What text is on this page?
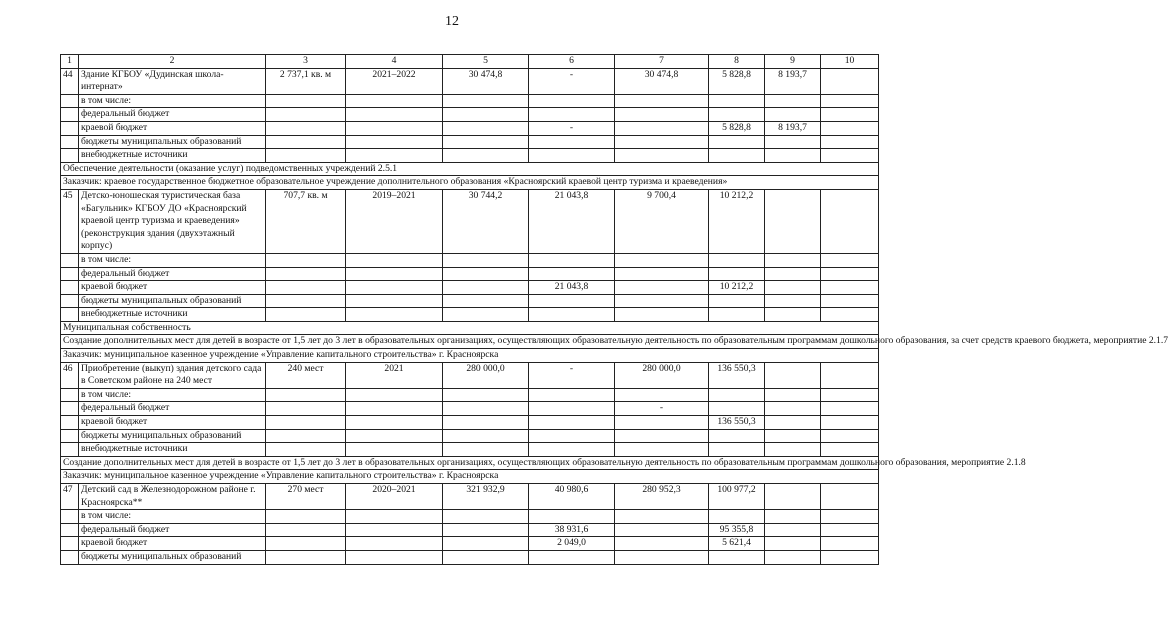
12
1	2	3	4	5	6	7	8	9	10
44	Здание КГБОУ «Дудинская школа-интернат»	2 737,1 кв. м	2021–2022	30 474,8	-	30 474,8	5 828,8	8 193,7	
	в том числе:								
	федеральный бюджет								
	краевой бюджет				-		5 828,8	8 193,7	
	бюджеты муниципальных образований								
	внебюджетные источники								
Обеспечение деятельности (оказание услуг) подведомственных учреждений 2.5.1									
Заказчик: краевое государственное бюджетное образовательное учреждение дополнительного образования «Красноярский краевой центр туризма и краеведения»									
45	Детско-юношеская туристическая база «Багульник» КГБОУ ДО «Красноярский краевой центр туризма и краеведения» (реконструкция здания (двухэтажный корпус)	707,7 кв. м	2019–2021	30 744,2	21 043,8	9 700,4	10 212,2		
	в том числе:								
	федеральный бюджет								
	краевой бюджет				21 043,8		10 212,2		
	бюджеты муниципальных образований								
	внебюджетные источники								
Муниципальная собственность									
Создание дополнительных мест для детей в возрасте от 1,5 лет до 3 лет в образовательных организациях, осуществляющих образовательную деятельность по образовательным программам дошкольного образования, за счет средств краевого бюджета, мероприятие 2.1.7									
Заказчик: муниципальное казенное учреждение «Управление капитального строительства» г. Красноярска									
46	Приобретение (выкуп) здания детского сада в Советском районе на 240 мест	240 мест	2021	280 000,0	-	280 000,0	136 550,3		
	в том числе:								
	федеральный бюджет					-			
	краевой бюджет						136 550,3		
	бюджеты муниципальных образований								
	внебюджетные источники								
Создание дополнительных мест для детей в возрасте от 1,5 лет до 3 лет в образовательных организациях, осуществляющих образовательную деятельность по образовательным программам дошкольного образования, мероприятие 2.1.8									
Заказчик: муниципальное казенное учреждение «Управление капитального строительства» г. Красноярска									
47	Детский сад в Железнодорожном районе г. Красноярска**	270 мест	2020–2021	321 932,9	40 980,6	280 952,3	100 977,2		
	в том числе:								
	федеральный бюджет				38 931,6		95 355,8		
	краевой бюджет				2 049,0		5 621,4		
	бюджеты муниципальных образований								
